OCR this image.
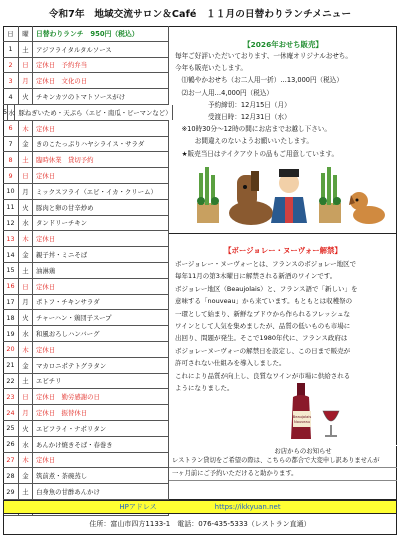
令和7年　地域交流サロン＆Café　１１月の日替わりランチメニュー
日	曜	日替わりランチ　950円（税込）
1	土	アジフライタルタルソース
2	日	定休日　予約弁当
3	月	定休日　文化の日
4	火	チキンカツのトマトソースがけ
5 水 豚ねぎいため・天ぷら（エビ・南瓜・ピーマンなど）
6	木	定休日
7	金	きのこたっぷりハヤシライス・サラダ
8	土	臨時休業　貸切予約
9	日	定休日
10	月	ミックスフライ（エビ・イカ・クリーム）
11	火	豚肉と卵の甘辛炒め
12	水	タンドリーチキン
13	木	定休日
14	金	親子丼・ミニそば
15	土	油淋鶏
16	日	定休日
17	月	ポトフ・チキンサラダ
18	火	チャーハン・鶏団子スープ
19	水	和風おろしハンバーグ
20	木	定休日
21	金	マカロニポテトグラタン
22	土	エビチリ
23	日	定休日　勤労感謝の日
24	月	定休日　振替休日
25	火	エビフライ・ナポリタン
26	水	あんかけ焼きそば・春巻き
27	木	定休日
28	金	筑前煮・茶碗蒸し
29	土	白身魚の甘酢あんかけ
【2026年おせち販売】
毎年ご好評いただいております、一休庵オリジナルおせち。
今年も販売いたします。
　⑴鶴やかおせち（お二人用一折）…13,000円（税込）
　⑵お一人用…4,000円（税込）
　　　　　予約締切：12月15日（月）
　　　　　受渡日時：12月31日（水）
　※10時30分～12時の間にお店までお越し下さい。
　　　お間違えのないようお願いいたします。
　★販売当日はテイクアウトの品もご用意しています。
【ボージョレー・ヌーヴォー解禁】
ボージョレー・ヌーヴォーとは、フランスのボジョレー地区で
毎年11月の第3木曜日に解禁される新酒のワインです。
ボジョレー地区（Beaujolais）と、フランス語で「新しい」を
意味する「nouveau」から来ています。もともとは収穫祭の
一環として始まり、新鮮なブドウから作られるフレッシュな
ワインとして人気を集めましたが、品質の低いものも市場に
出回り、問題が発生。そこで1980年代に、フランス政府は
ボジョレーヌーヴォーの解禁日を設定し、この日まで販売が
許可されない仕組みを導入しました。
これにより品質が向上し、良質なワインが市場に供給される
ようになりました。
Beaujolais
Nouveau
お店からのお知らせ
レストラン貸切をご希望の際は、こちらの都合で大変申し訳ありませんが
一ヶ月前にご予約いただけると助かります。
HPアドレス	https://ikkyuan.net
住所：富山市四方1133-1　電話：076-435-5333（レストラン直通）
